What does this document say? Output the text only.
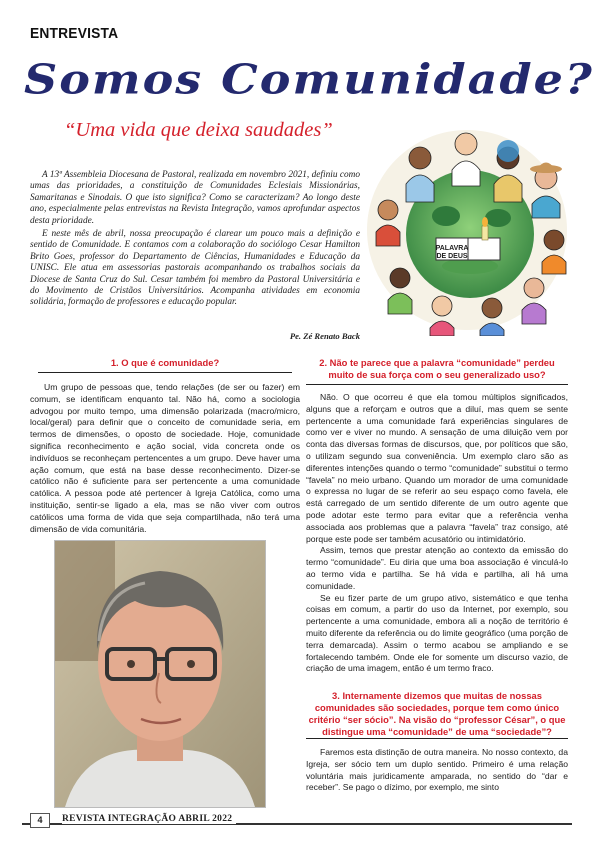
ENTREVISTA
Somos Comunidade?
“Uma vida que deixa saudades”

A 13ª Assembleia Diocesana de Pastoral, realizada em novembro 2021, definiu como umas das prioridades, a constituição de Comunidades Eclesiais Missionárias, Samaritanas e Sinodais. O que isto significa? Como se caracterizam? Ao longo deste ano, especialmente pelas entrevistas na Revista Integração, vamos aprofundar aspectos desta prioridade.

E neste mês de abril, nossa preocupação é clarear um pouco mais a definição e sentido de Comunidade. E contamos com a colaboração do sociólogo Cesar Hamilton Brito Goes, professor do Departamento de Ciências, Humanidades e Educação da UNISC. Ele atua em assessorias pastorais acompanhando os trabalhos sociais da Diocese de Santa Cruz do Sul. Cesar também foi membro da Pastoral Universitária e do Movimento de Cristãos Universitários. Acompanha atividades em economia solidária, formação de professores e educação popular.

Pe. Zé Renato Back
PALAVRA
DE DEUS
1. O que é comunidade?

Um grupo de pessoas que, tendo relações (de ser ou fazer) em comum, se identificam enquanto tal. Não há, como a sociologia advogou por muito tempo, uma dimensão polarizada (macro/micro, local/geral) para definir que o conceito de comunidade seria, em termos de dimensões, o oposto de sociedade. Hoje, comunidade significa reconhecimento e ação social, vida concreta onde os indivíduos se reconheçam pertencentes a um grupo. Deve haver uma ação comum, que está na base desse reconhecimento. Dizer-se católico não é suficiente para ser pertencente a uma comunidade católica. A pessoa pode até pertencer à Igreja Católica, como uma instituição, sentir-se ligado a ela, mas se não viver com outros católicos uma forma de vida que seja compartilhada, não terá uma dimensão de vida comunitária.

2. Não te parece que a palavra “comunidade” perdeu muito de sua força com o seu generalizado uso?

Não. O que ocorreu é que ela tomou múltiplos significados, alguns que a reforçam e outros que a diluí, mas quem se sente pertencente a uma comunidade fará experiências singulares de como ver e viver no mundo. A sensação de uma diluição vem por conta das diversas formas de discursos, que, por políticos que são, o utilizam segundo sua conveniência. Um exemplo claro são as diferentes intenções quando o termo “comunidade” substitui o termo “favela” no meio urbano. Quando um morador de uma comunidade o expressa no lugar de se referir ao seu espaço como favela, ele está carregado de um sentido diferente de um outro agente que pode adotar este termo para evitar que a referência venha associada aos problemas que a palavra “favela” traz consigo, até porque este pode ser também acusatório ou intimidatório.

Assim, temos que prestar atenção ao contexto da emissão do termo “comunidade”. Eu diria que uma boa associação é vinculá-lo ao termo vida e partilha. Se há vida e partilha, ali há uma comunidade.

Se eu fizer parte de um grupo ativo, sistemático e que tenha coisas em comum, a partir do uso da Internet, por exemplo, sou pertencente a uma comunidade, embora ali a noção de território é muito diferente da referência ou do limite geográfico (uma porção de terra demarcada). Assim o termo acabou se ampliando e se fortalecendo também. Onde ele for somente um discurso vazio, de criação de uma imagem, então é um termo fraco.

3. Internamente dizemos que muitas de nossas comunidades são sociedades, porque tem como único critério “ser sócio”. Na visão do “professor César”, o que distingue uma “comunidade” de uma “sociedade”?

Faremos esta distinção de outra maneira. No nosso contexto, da Igreja, ser sócio tem um duplo sentido. Primeiro é uma relação voluntária mais juridicamente amparada, no sentido do “dar e receber”. Se pago o dízimo, por exemplo, me sinto

4	REVISTA INTEGRAÇÃO ABRIL 2022
